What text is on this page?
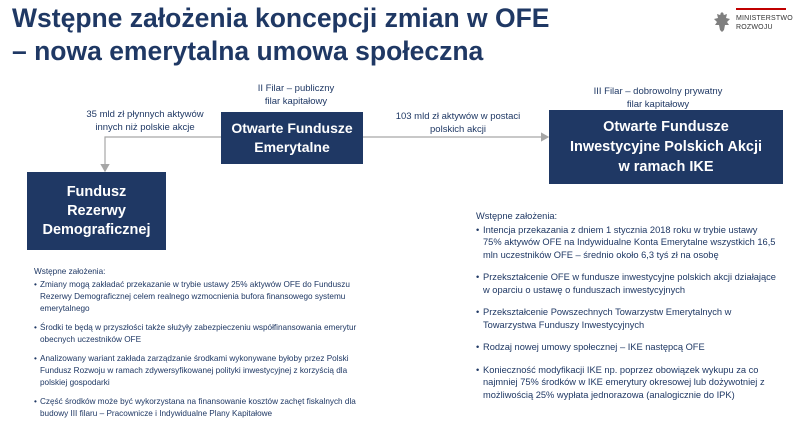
Wstępne założenia koncepcji zmian w OFE
– nowa emerytalna umowa społeczna
MINISTERSTWO
ROZWOJU
II Filar – publiczny
filar kapitałowy
III Filar – dobrowolny prywatny
filar kapitałowy
35 mld zł płynnych aktywów
innych niż polskie akcje
103 mld zł aktywów w postaci
polskich akcji
Otwarte Fundusze
Emerytalne
Otwarte Fundusze
Inwestycyjne Polskich Akcji
w ramach IKE
Fundusz
Rezerwy
Demograficznej

Wstępne założenia:

• Zmiany mogą zakładać przekazanie w trybie ustawy 25% aktywów OFE do Funduszu Rezerwy Demograficznej celem realnego wzmocnienia bufora finansowego systemu emerytalnego
• Środki te będą w przyszłości także służyły zabezpieczeniu współfinansowania emerytur obecnych uczestników OFE
• Analizowany wariant zakłada zarządzanie środkami wykonywane byłoby przez Polski Fundusz Rozwoju w ramach zdywersyfikowanej polityki inwestycyjnej z korzyścią dla polskiej gospodarki
• Część środków może być wykorzystana na finansowanie kosztów zachęt fiskalnych dla budowy III filaru – Pracownicze i Indywidualne Plany Kapitałowe
Wstępne założenia:
• Intencja przekazania z dniem 1 stycznia 2018 roku w trybie ustawy 75% aktywów OFE na Indywidualne Konta Emerytalne wszystkich 16,5 mln uczestników OFE – średnio około 6,3 tyś zł na osobę
• Przekształcenie OFE w fundusze inwestycyjne polskich akcji działające w oparciu o ustawę o funduszach inwestycyjnych
• Przekształcenie Powszechnych Towarzystw Emerytalnych w Towarzystwa Funduszy Inwestycyjnych
• Rodzaj nowej umowy społecznej – IKE następcą OFE
• Konieczność modyfikacji IKE np. poprzez obowiązek wykupu za co najmniej 75% środków w IKE emerytury okresowej lub dożywotniej z możliwością 25% wypłata jednorazowa (analogicznie do IPK)
